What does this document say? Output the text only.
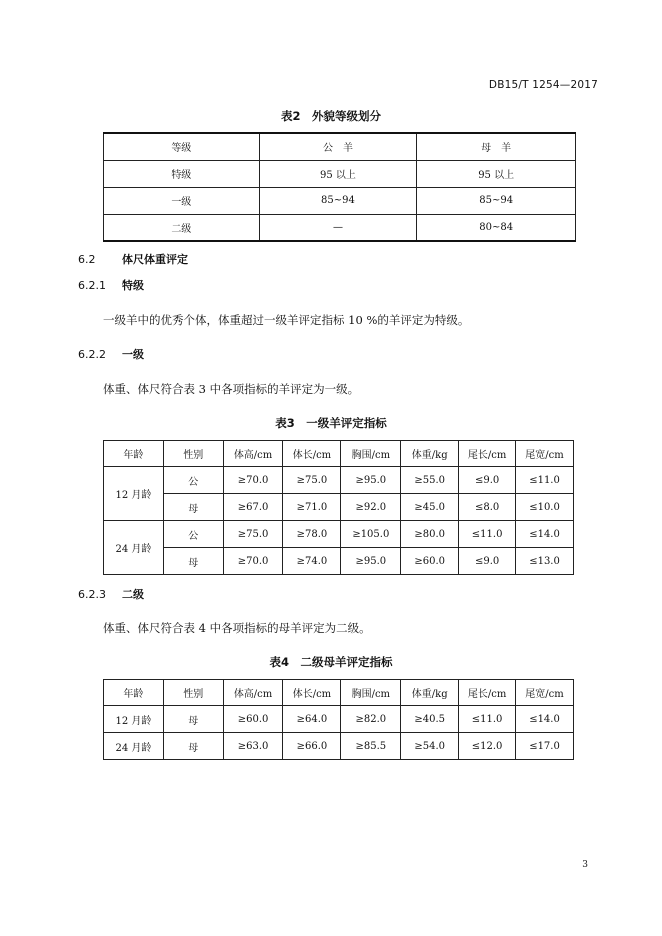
DB15/T 1254—2017
表2　外貌等级划分
等级	公　羊	母　羊
特级	95 以上	95 以上
一级	85~94	85~94
二级	—	80~84
6.2 体尺体重评定
6.2.1 特级
一级羊中的优秀个体，体重超过一级羊评定指标 10 %的羊评定为特级。
6.2.2 一级
体重、体尺符合表 3 中各项指标的羊评定为一级。
表3　一级羊评定指标
年龄	性别	体高/cm	体长/cm	胸围/cm	体重/kg	尾长/cm	尾宽/cm
12 月龄	公	≥70.0	≥75.0	≥95.0	≥55.0	≤9.0	≤11.0
	母	≥67.0	≥71.0	≥92.0	≥45.0	≤8.0	≤10.0
24 月龄	公	≥75.0	≥78.0	≥105.0	≥80.0	≤11.0	≤14.0
	母	≥70.0	≥74.0	≥95.0	≥60.0	≤9.0	≤13.0
6.2.3 二级
体重、体尺符合表 4 中各项指标的母羊评定为二级。
表4　二级母羊评定指标
年龄	性别	体高/cm	体长/cm	胸围/cm	体重/kg	尾长/cm	尾宽/cm
12 月龄	母	≥60.0	≥64.0	≥82.0	≥40.5	≤11.0	≤14.0
24 月龄	母	≥63.0	≥66.0	≥85.5	≥54.0	≤12.0	≤17.0
3
